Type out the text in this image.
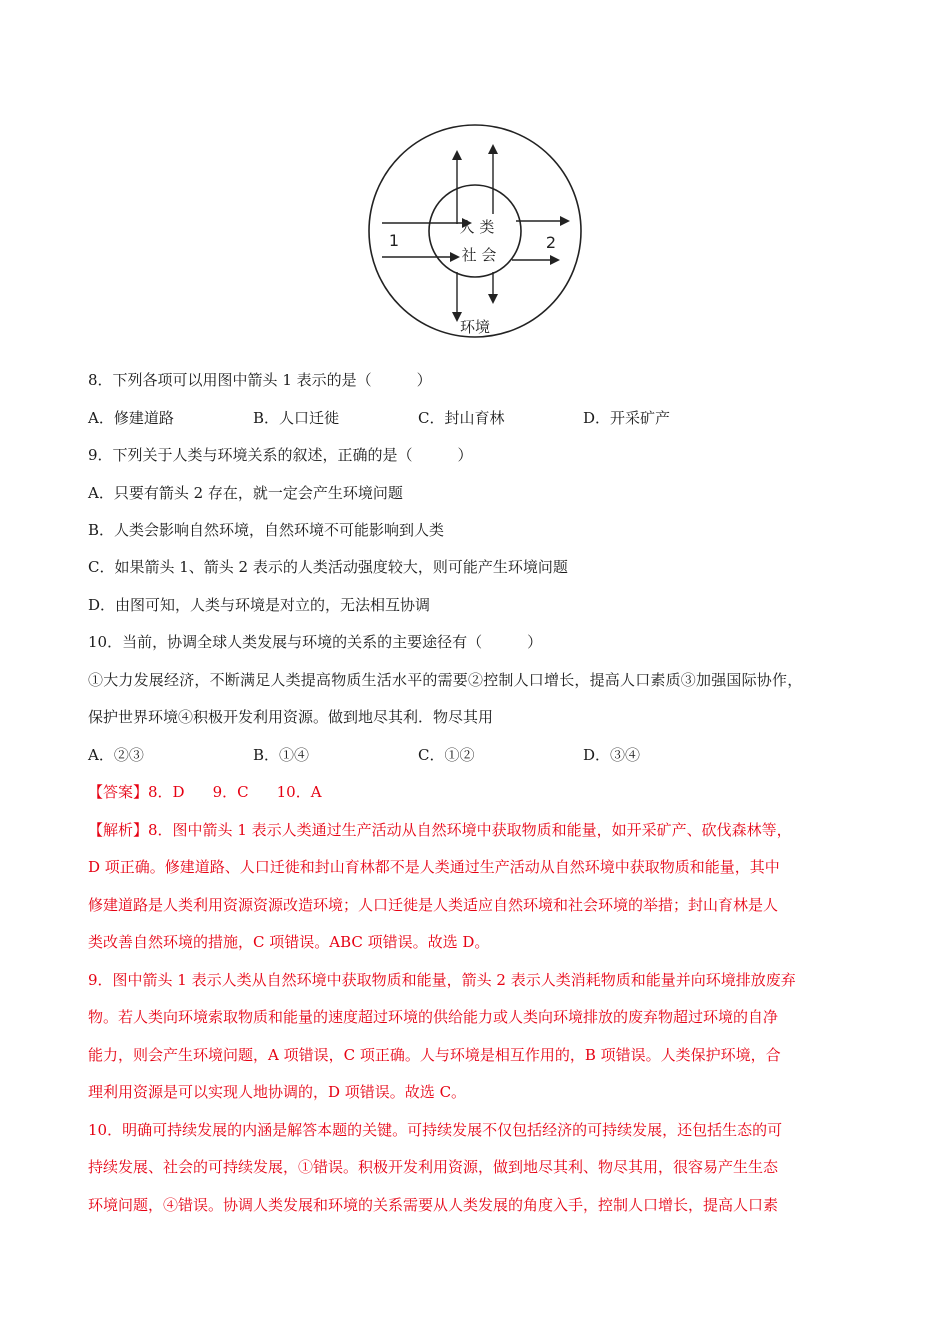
人 类
社 会
1	2
环境
8．下列各项可以用图中箭头 1 表示的是（　　　）
A．修建道路	B．人口迁徙	C．封山育林	D．开采矿产
9．下列关于人类与环境关系的叙述，正确的是（　　　）
A．只要有箭头 2 存在，就一定会产生环境问题
B．人类会影响自然环境，自然环境不可能影响到人类
C．如果箭头 1、箭头 2 表示的人类活动强度较大，则可能产生环境问题
D．由图可知，人类与环境是对立的，无法相互协调
10．当前，协调全球人类发展与环境的关系的主要途径有（　　　）
①大力发展经济，不断满足人类提高物质生活水平的需要②控制人口增长，提高人口素质③加强国际协作，
保护世界环境④积极开发利用资源。做到地尽其利．物尽其用
A．②③	B．①④	C．①②	D．③④
【答案】8．D 9．C 10．A
【解析】8．图中箭头 1 表示人类通过生产活动从自然环境中获取物质和能量，如开采矿产、砍伐森林等，
D 项正确。修建道路、人口迁徙和封山育林都不是人类通过生产活动从自然环境中获取物质和能量，其中
修建道路是人类利用资源资源改造环境；人口迁徙是人类适应自然环境和社会环境的举措；封山育林是人
类改善自然环境的措施，C 项错误。ABC 项错误。故选 D。
9．图中箭头 1 表示人类从自然环境中获取物质和能量，箭头 2 表示人类消耗物质和能量并向环境排放废弃
物。若人类向环境索取物质和能量的速度超过环境的供给能力或人类向环境排放的废弃物超过环境的自净
能力，则会产生环境问题，A 项错误，C 项正确。人与环境是相互作用的，B 项错误。人类保护环境，合
理利用资源是可以实现人地协调的，D 项错误。故选 C。
10．明确可持续发展的内涵是解答本题的关键。可持续发展不仅包括经济的可持续发展，还包括生态的可
持续发展、社会的可持续发展，①错误。积极开发利用资源，做到地尽其利、物尽其用，很容易产生生态
环境问题，④错误。协调人类发展和环境的关系需要从人类发展的角度入手，控制人口增长，提高人口素
